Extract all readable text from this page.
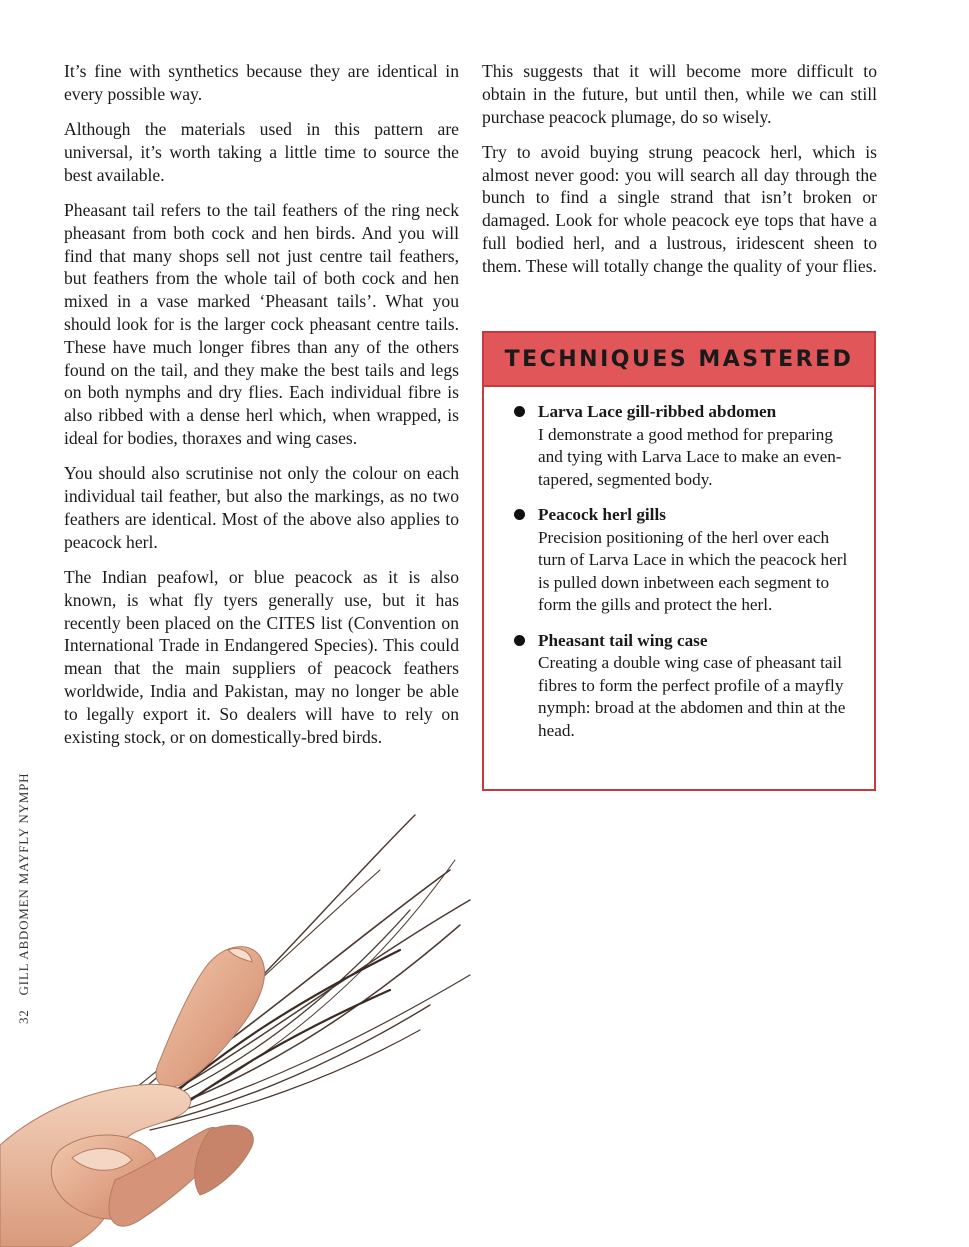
It’s fine with synthetics because they are identical in every possible way.

Although the materials used in this pattern are universal, it’s worth taking a little time to source the best available.

Pheasant tail refers to the tail feathers of the ring neck pheasant from both cock and hen birds. And you will find that many shops sell not just centre tail feathers, but feathers from the whole tail of both cock and hen mixed in a vase marked ‘Pheasant tails’. What you should look for is the larger cock pheasant centre tails. These have much longer fibres than any of the others found on the tail, and they make the best tails and legs on both nymphs and dry flies. Each individual fibre is also ribbed with a dense herl which, when wrapped, is ideal for bodies, thoraxes and wing cases.

You should also scrutinise not only the colour on each individual tail feather, but also the markings, as no two feathers are identical. Most of the above also applies to peacock herl.

The Indian peafowl, or blue peacock as it is also known, is what fly tyers generally use, but it has recently been placed on the CITES list (Convention on International Trade in Endangered Species). This could mean that the main suppliers of peacock feathers worldwide, India and Pakistan, may no longer be able to legally export it. So dealers will have to rely on existing stock, or on domestically-bred birds.

This suggests that it will become more difficult to obtain in the future, but until then, while we can still purchase peacock plumage, do so wisely.

Try to avoid buying strung peacock herl, which is almost never good: you will search all day through the bunch to find a single strand that isn’t broken or damaged. Look for whole peacock eye tops that have a full bodied herl, and a lustrous, iridescent sheen to them. These will totally change the quality of your flies.

TECHNIQUES MASTERED
Larva Lace gill-ribbed abdomen
I demonstrate a good method for preparing and tying with Larva Lace to make an even-tapered, segmented body.
Peacock herl gills
Precision positioning of the herl over each turn of Larva Lace in which the peacock herl is pulled down inbetween each segment to form the gills and protect the herl.
Pheasant tail wing case
Creating a double wing case of pheasant tail fibres to form the perfect profile of a mayfly nymph: broad at the abdomen and thin at the head.
32GILL ABDOMEN MAYFLY NYMPH
